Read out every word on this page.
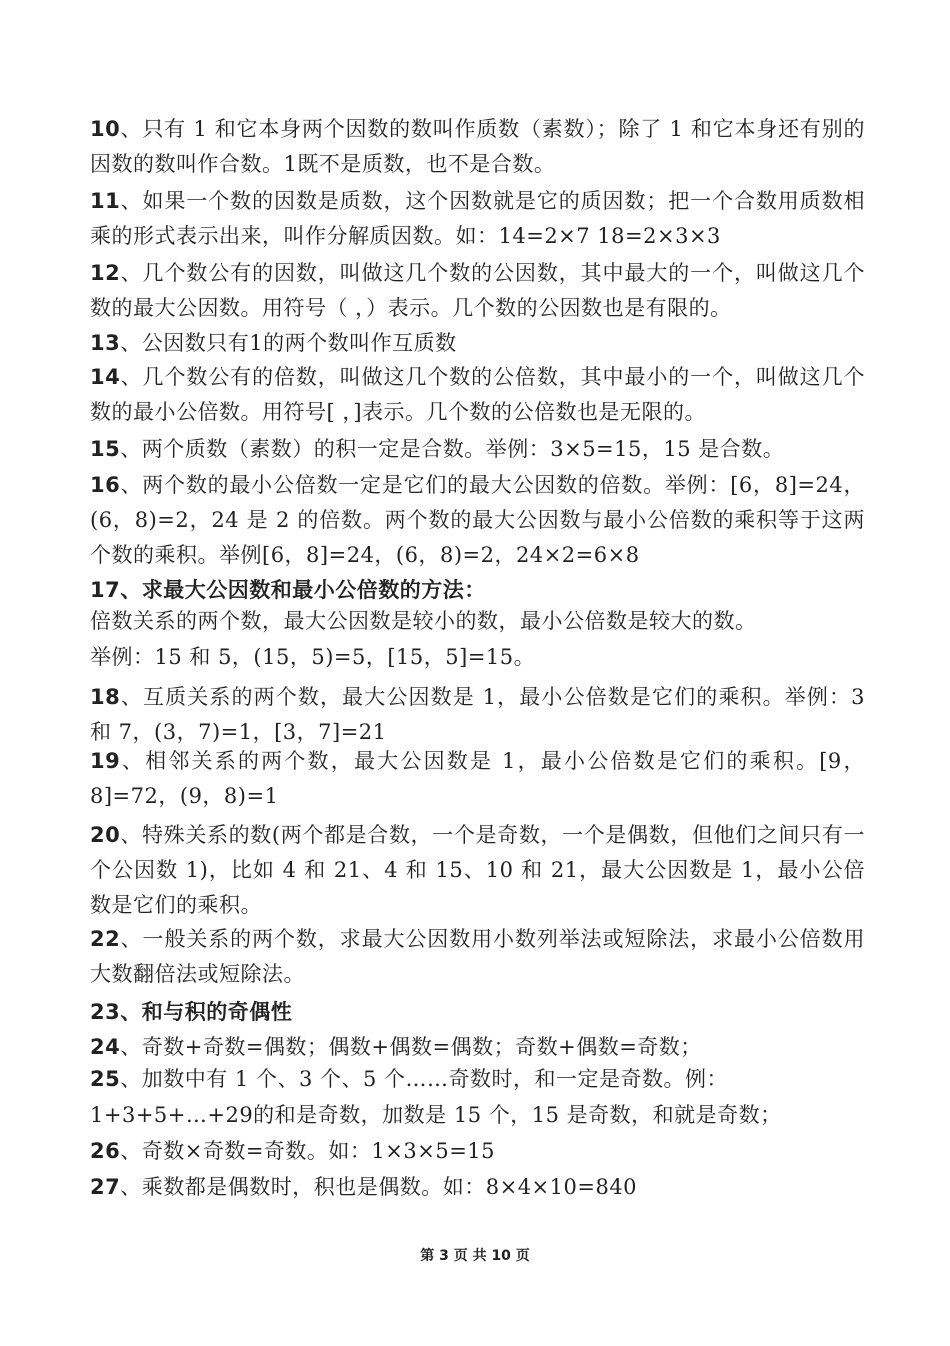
10、只有 1 和它本身两个因数的数叫作质数（素数）；除了 1 和它本身还有别的因数的数叫作合数。1既不是质数，也不是合数。

11、如果一个数的因数是质数，这个因数就是它的质因数；把一个合数用质数相乘的形式表示出来，叫作分解质因数。如：14=2×7 18=2×3×3

12、几个数公有的因数，叫做这几个数的公因数，其中最大的一个，叫做这几个数的最大公因数。用符号（ ，）表示。几个数的公因数也是有限的。

13、公因数只有1的两个数叫作互质数

14、几个数公有的倍数，叫做这几个数的公倍数，其中最小的一个，叫做这几个数的最小公倍数。用符号[ ，]表示。几个数的公倍数也是无限的。

15、两个质数（素数）的积一定是合数。举例：3×5=15，15 是合数。

16、两个数的最小公倍数一定是它们的最大公因数的倍数。举例：[6，8]=24，(6，8)=2，24 是 2 的倍数。两个数的最大公因数与最小公倍数的乘积等于这两个数的乘积。举例[6，8]=24，(6，8)=2，24×2=6×8

17、求最大公因数和最小公倍数的方法：

倍数关系的两个数，最大公因数是较小的数，最小公倍数是较大的数。

举例：15 和 5，(15，5)=5，[15，5]=15。

18、互质关系的两个数，最大公因数是 1，最小公倍数是它们的乘积。举例：3 和 7，(3，7)=1，[3，7]=21

19、相邻关系的两个数，最大公因数是 1，最小公倍数是它们的乘积。[9，8]=72，(9，8)=1

20、特殊关系的数(两个都是合数，一个是奇数，一个是偶数，但他们之间只有一个公因数 1)，比如 4 和 21、4 和 15、10 和 21，最大公因数是 1，最小公倍数是它们的乘积。

22、一般关系的两个数，求最大公因数用小数列举法或短除法，求最小公倍数用大数翻倍法或短除法。

23、和与积的奇偶性

24、奇数+奇数=偶数；偶数+偶数=偶数；奇数+偶数=奇数；

25、加数中有 1 个、3 个、5 个……奇数时，和一定是奇数。例：

1+3+5+…+29的和是奇数，加数是 15 个，15 是奇数，和就是奇数；

26、奇数×奇数=奇数。如：1×3×5=15

27、乘数都是偶数时，积也是偶数。如：8×4×10=840

第 3 页 共 10 页
